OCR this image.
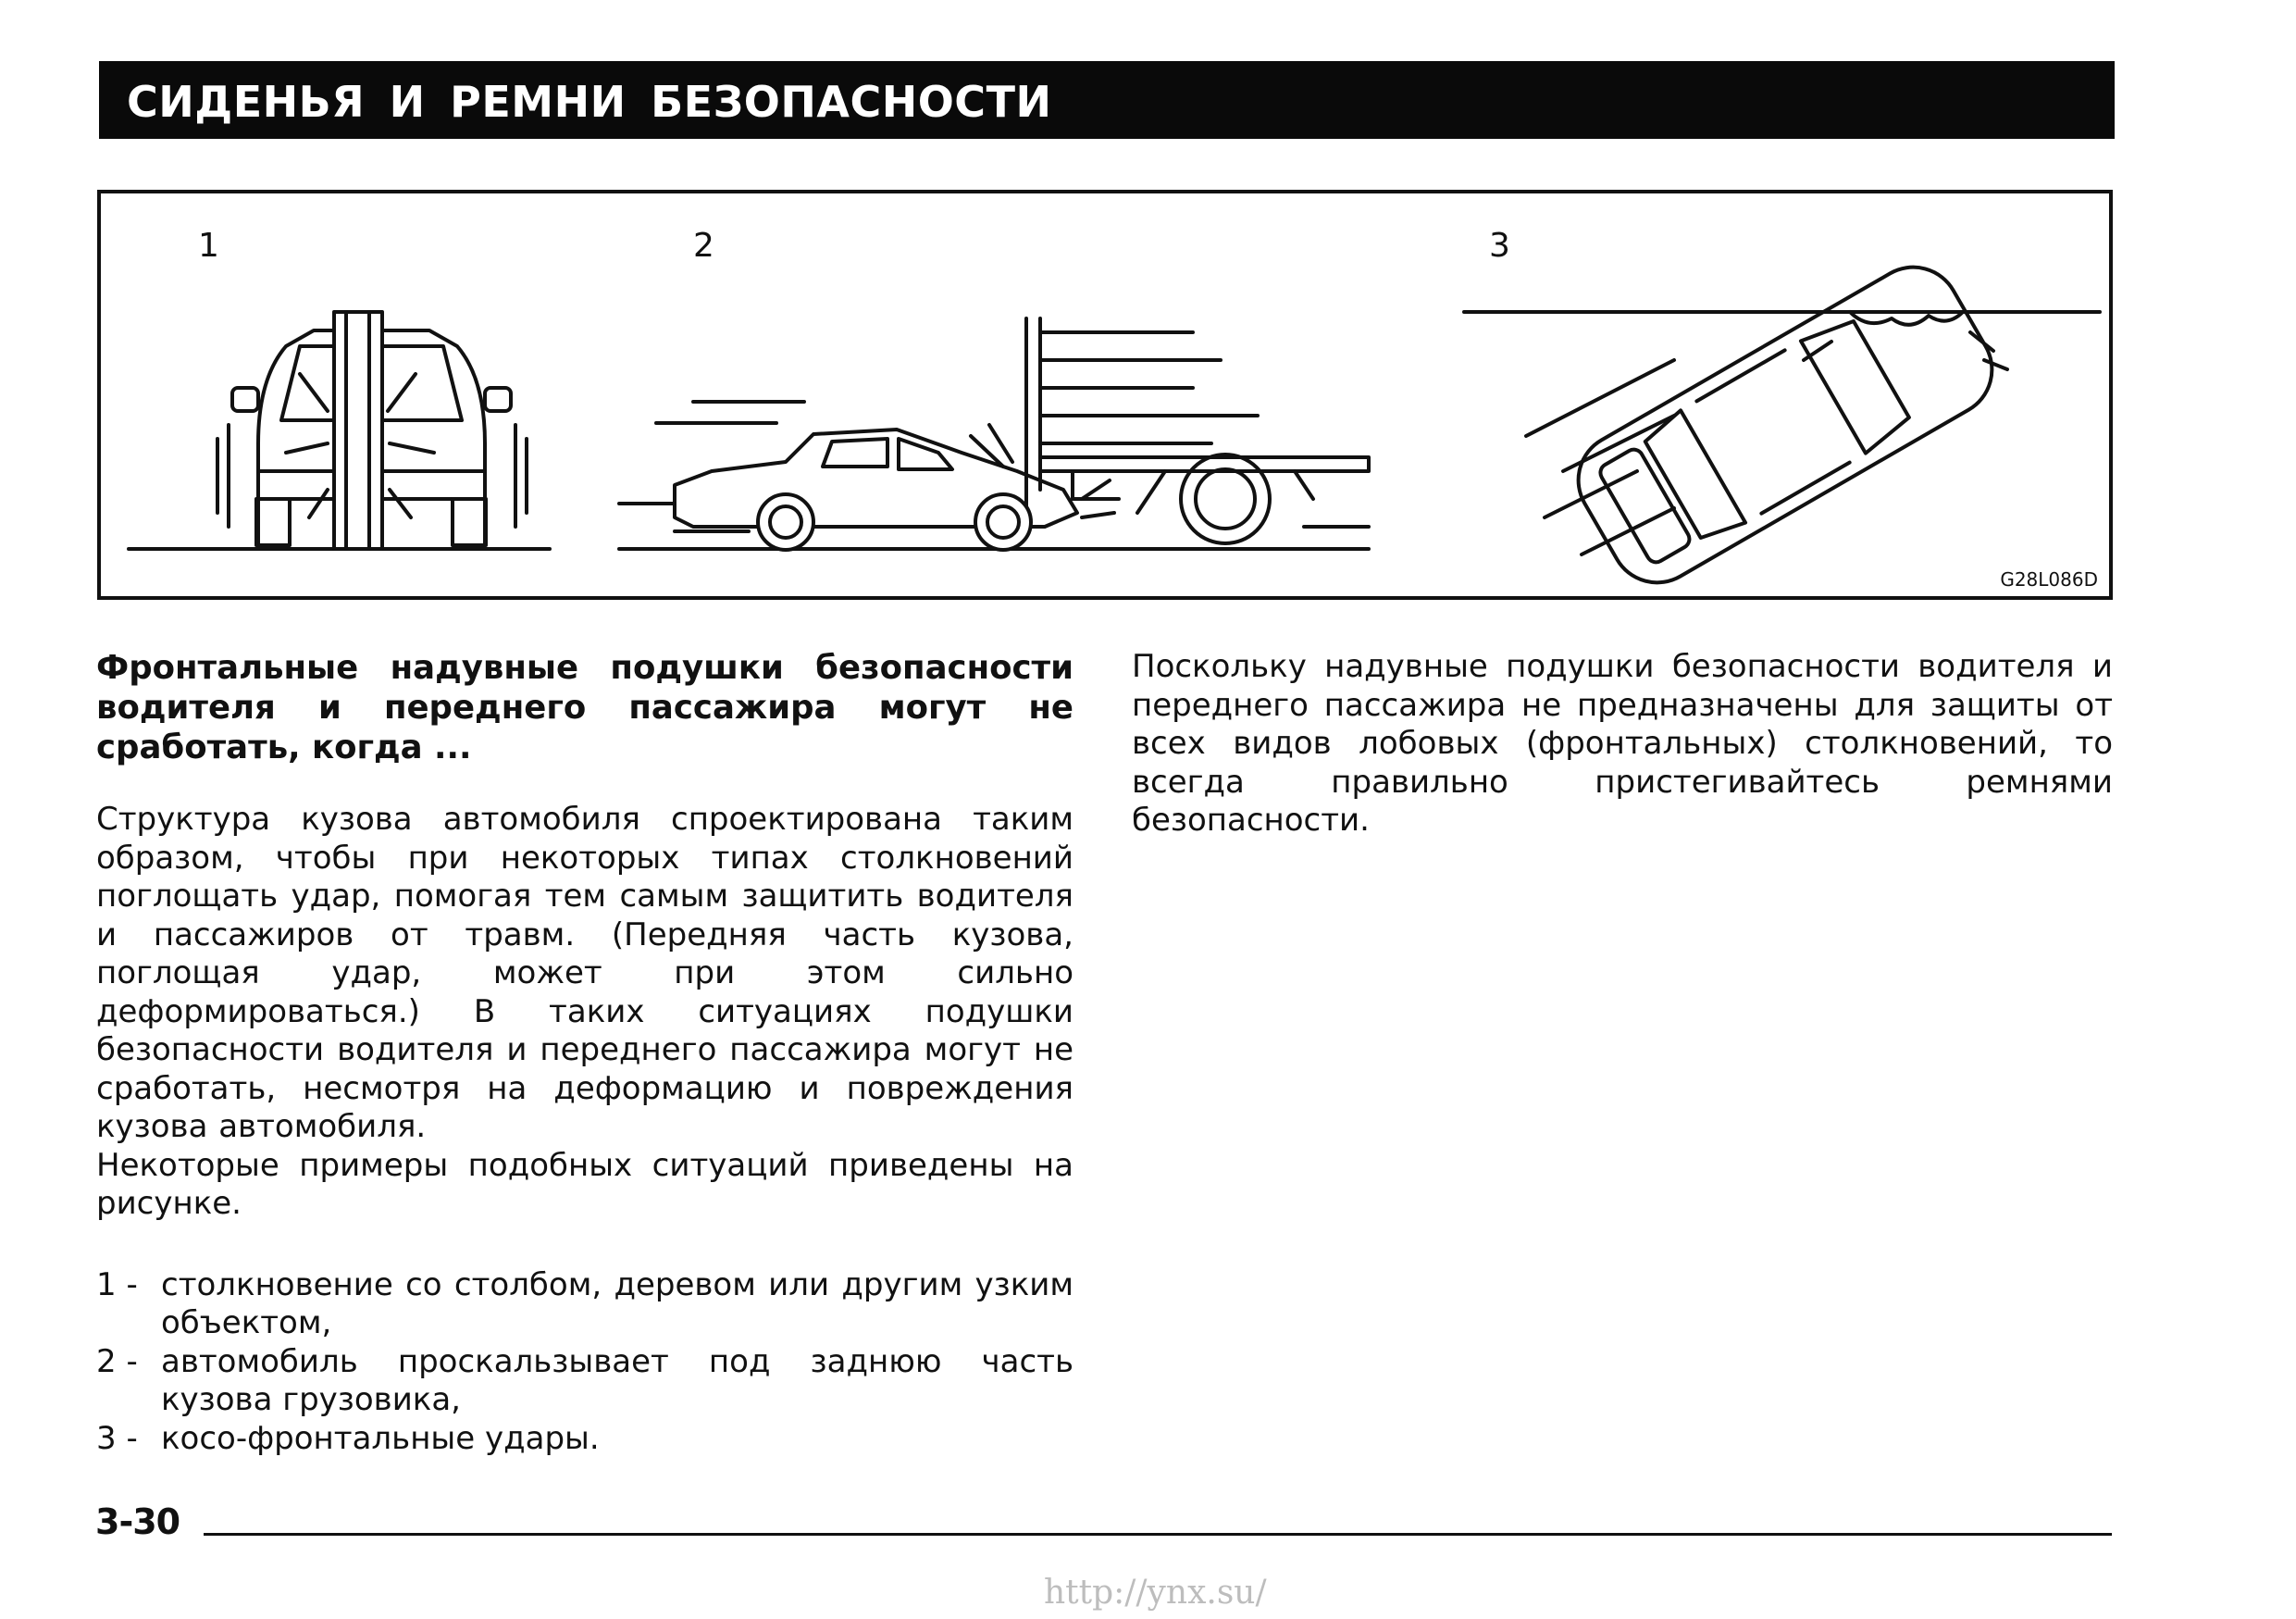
СИДЕНЬЯ И РЕМНИ БЕЗОПАСНОСТИ
1	2	3
G28L086D

Фронтальные надувные подушки безопасности водителя и переднего пассажира могут не сработать, когда ...

Структура кузова автомобиля спроектирована таким образом, чтобы при некоторых типах столкновений поглощать удар, помогая тем самым защитить водителя и пассажиров от травм. (Передняя часть кузова, поглощая удар, может при этом сильно деформироваться.) В таких ситуациях подушки безопасности водителя и переднего пассажира могут не сработать, несмотря на деформацию и повреждения кузова автомобиля.

Некоторые примеры подобных ситуаций приведены на рисунке.

1 - столкновение со столбом, деревом или другим узким объектом,
2 - автомобиль проскальзывает под заднюю часть кузова грузовика,
3 - косо-фронтальные удары.

Поскольку надувные подушки безопасности водителя и переднего пассажира не предназначены для защиты от всех видов лобовых (фронтальных) столкновений, то всегда правильно пристегивайтесь ремнями безопасности.

3-30
http://ynx.su/
